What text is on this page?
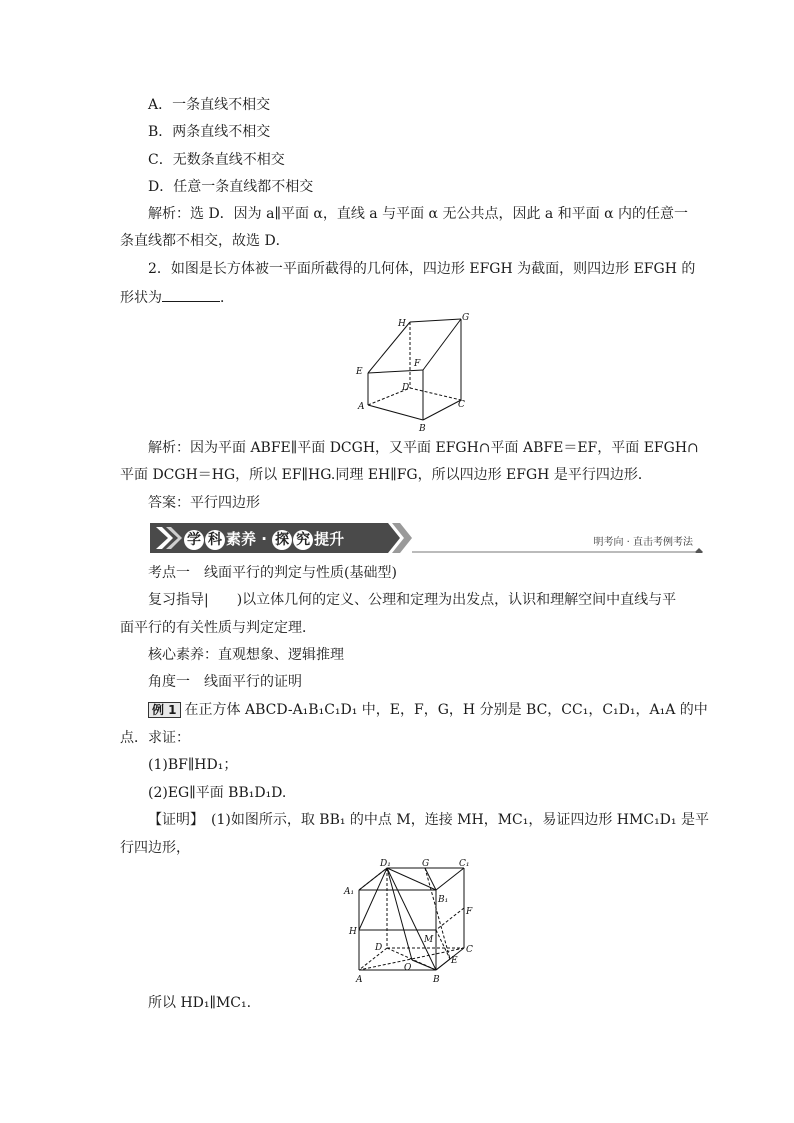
A．一条直线不相交
B．两条直线不相交
C．无数条直线不相交
D．任意一条直线都不相交
解析：选 D．因为 a∥平面 α，直线 a 与平面 α 无公共点，因此 a 和平面 α 内的任意一
条直线都不相交，故选 D．
2．如图是长方体被一平面所截得的几何体，四边形 EFGH 为截面，则四边形 EFGH 的
形状为	．
H
G
E
F
D
A
B
C
解析：因为平面 ABFE∥平面 DCGH，又平面 EFGH∩平面 ABFE＝EF，平面 EFGH∩
平面 DCGH＝HG，所以 EF∥HG.同理 EH∥FG，所以四边形 EFGH 是平行四边形．
答案：平行四边形
学 科 素养 · 探 究 提升	明考向 · 直击考例考法
考点一　线面平行的判定与性质(基础型)
复习指导|　　)以立体几何的定义、公理和定理为出发点，认识和理解空间中直线与平
面平行的有关性质与判定定理．
核心素养：直观想象、逻辑推理
角度一　线面平行的证明
例 1 在正方体 ABCD-A₁B₁C₁D₁ 中，E，F，G，H 分别是 BC，CC₁，C₁D₁，A₁A 的中
点．求证：
(1)BF∥HD₁；
(2)EG∥平面 BB₁D₁D.
【证明】　(1)如图所示，取 BB₁ 的中点 M，连接 MH，MC₁，易证四边形 HMC₁D₁ 是平
行四边形，
D₁	G	C₁
A₁
B₁
F
H
M
D	C
O
E
A	B
所以 HD₁∥MC₁.
